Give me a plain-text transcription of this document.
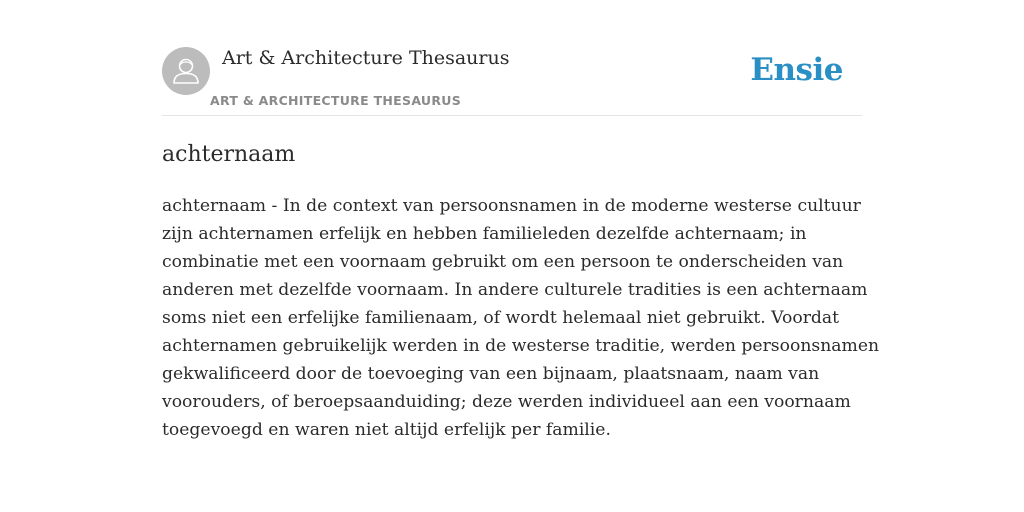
Art & Architecture Thesaurus
ART & ARCHITECTURE THESAURUS
Ensie
achternaam
achternaam - In de context van persoonsnamen in de moderne westerse cultuur
zijn achternamen erfelijk en hebben familieleden dezelfde achternaam; in
combinatie met een voornaam gebruikt om een persoon te onderscheiden van
anderen met dezelfde voornaam. In andere culturele tradities is een achternaam
soms niet een erfelijke familienaam, of wordt helemaal niet gebruikt. Voordat
achternamen gebruikelijk werden in de westerse traditie, werden persoonsnamen
gekwalificeerd door de toevoeging van een bijnaam, plaatsnaam, naam van
voorouders, of beroepsaanduiding; deze werden individueel aan een voornaam
toegevoegd en waren niet altijd erfelijk per familie.
